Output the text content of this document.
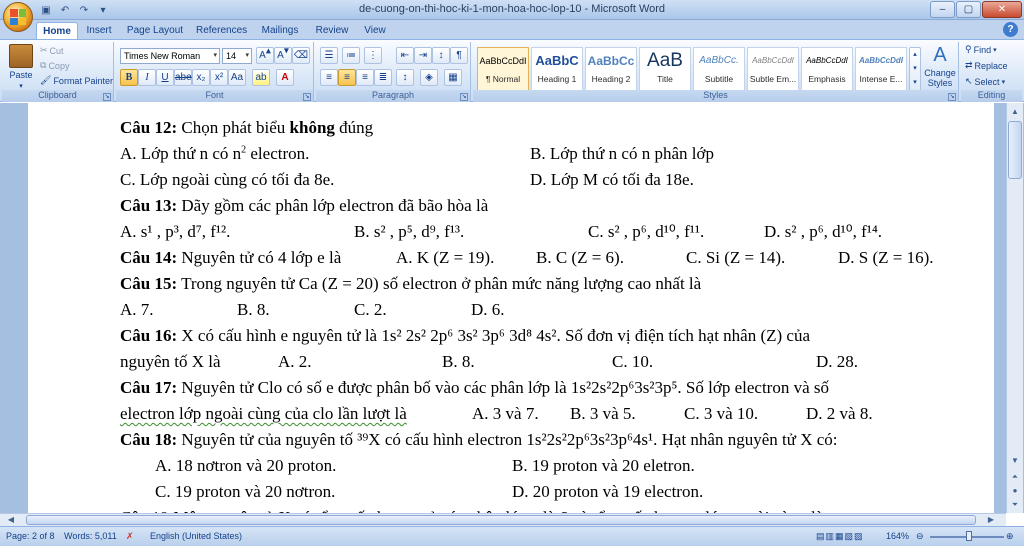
▣	↶	↷	▾	de-cuong-on-thi-hoc-ki-1-mon-hoa-hoc-lop-10 - Microsoft Word	–	▢	✕
Home	Insert	Page Layout References	Mailings	Review View	?
Paste
▾
✂ Cut
⧉ Copy
🖌 Format Painter
Clipboard	↘
Times New Roman ▾	14 ▾	A▴ A▾ ⌫
B	I	U abe x₂ x² Aa	ab	A
Font	↘
☰	≔	⋮	⇤ ⇥	↕	¶
≡	≡	≡	≣	↕	◈	▦
Paragraph	↘
AaBbCcDdI
¶ Normal
AaBbC
Heading 1
AaBbCc
Heading 2
AaB
Title
AaBbCc.
Subtitle
AaBbCcDdI
Subtle Em...
AaBbCcDdI
Emphasis
AaBbCcDdI
Intense E...
▴
▾
▾
A
Change Styles
Styles	↘
⚲ Find ▾
⇄ Replace
↖ Select ▾
Editing
Câu 12: Chọn phát biểu không đúng
A. Lớp thứ n có $n^2$ electron.	B. Lớp thứ n có n phân lớp
C. Lớp ngoài cùng có tối đa 8e.	D. Lớp M có tối đa 18e.
Câu 13: Dãy gồm các phân lớp electron đã bão hòa là
A. s¹ , p³, d⁷, f¹².	B. s² , p⁵, d⁹, f¹³.	C. s² , p⁶, d¹⁰, f¹¹.	D. s² , p⁶, d¹⁰, f¹⁴.
Câu 14: Nguyên tử có 4 lớp e là	A. K (Z = 19). B. C (Z = 6).	C. Si (Z = 14).	D. S (Z = 16).
Câu 15: Trong nguyên tử Ca (Z = 20) số electron ở phân mức năng lượng cao nhất là
A. 7.	B. 8.	C. 2.	D. 6.
Câu 16: X có cấu hình e nguyên tử là 1s² 2s² 2p⁶ 3s² 3p⁶ 3d⁸ 4s². Số đơn vị điện tích hạt nhân (Z) của
nguyên tố X là	A. 2.	B. 8.	C. 10.	D. 28.
Câu 17: Nguyên tử Clo có số e được phân bố vào các phân lớp là 1s²2s²2p⁶3s²3p⁵. Số lớp electron và số
electron lớp ngoài cùng của clo lần lượt là	A. 3 và 7. B. 3 và 5.	C. 3 và 10.	D. 2 và 8.
Câu 18: Nguyên tử của nguyên tố ³⁹X có cấu hình electron 1s²2s²2p⁶3s²3p⁶4s¹. Hạt nhân nguyên tử X có:
A. 18 nơtron và 20 proton.	B. 19 proton và 20 eletron.
C. 19 proton và 20 nơtron.	D. 20 proton và 19 electron.
▲
▼
⏶
●
⏷
◀	▶
Page: 2 of 8 Words: 5,011 ✗ English (United States)	▤▥▦▧▨ 164% ⊖	⊕
